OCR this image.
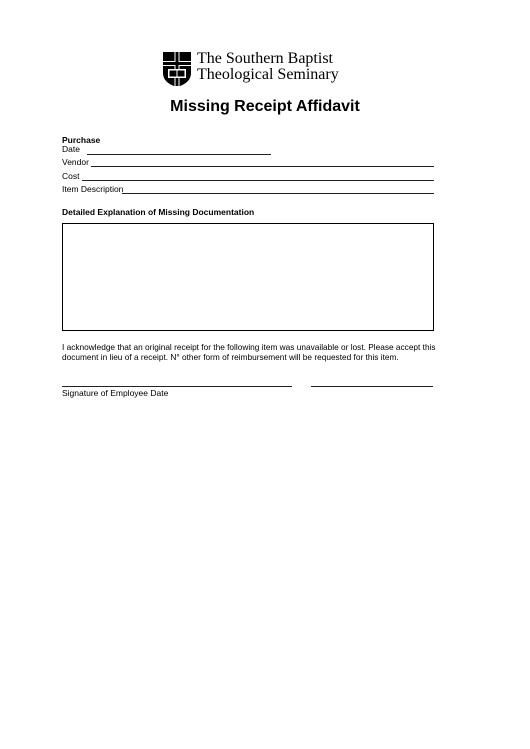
The Southern Baptist
Theological Seminary
Missing Receipt Affidavit
Purchase
Date
Vendor
Cost
Item Description
Detailed Explanation of Missing Documentation
I acknowledge that an original receipt for the following item was unavailable or lost. Please accept this document in lieu of a receipt. N° other form of reimbursement will be requested for this item.
Signature of Employee Date
